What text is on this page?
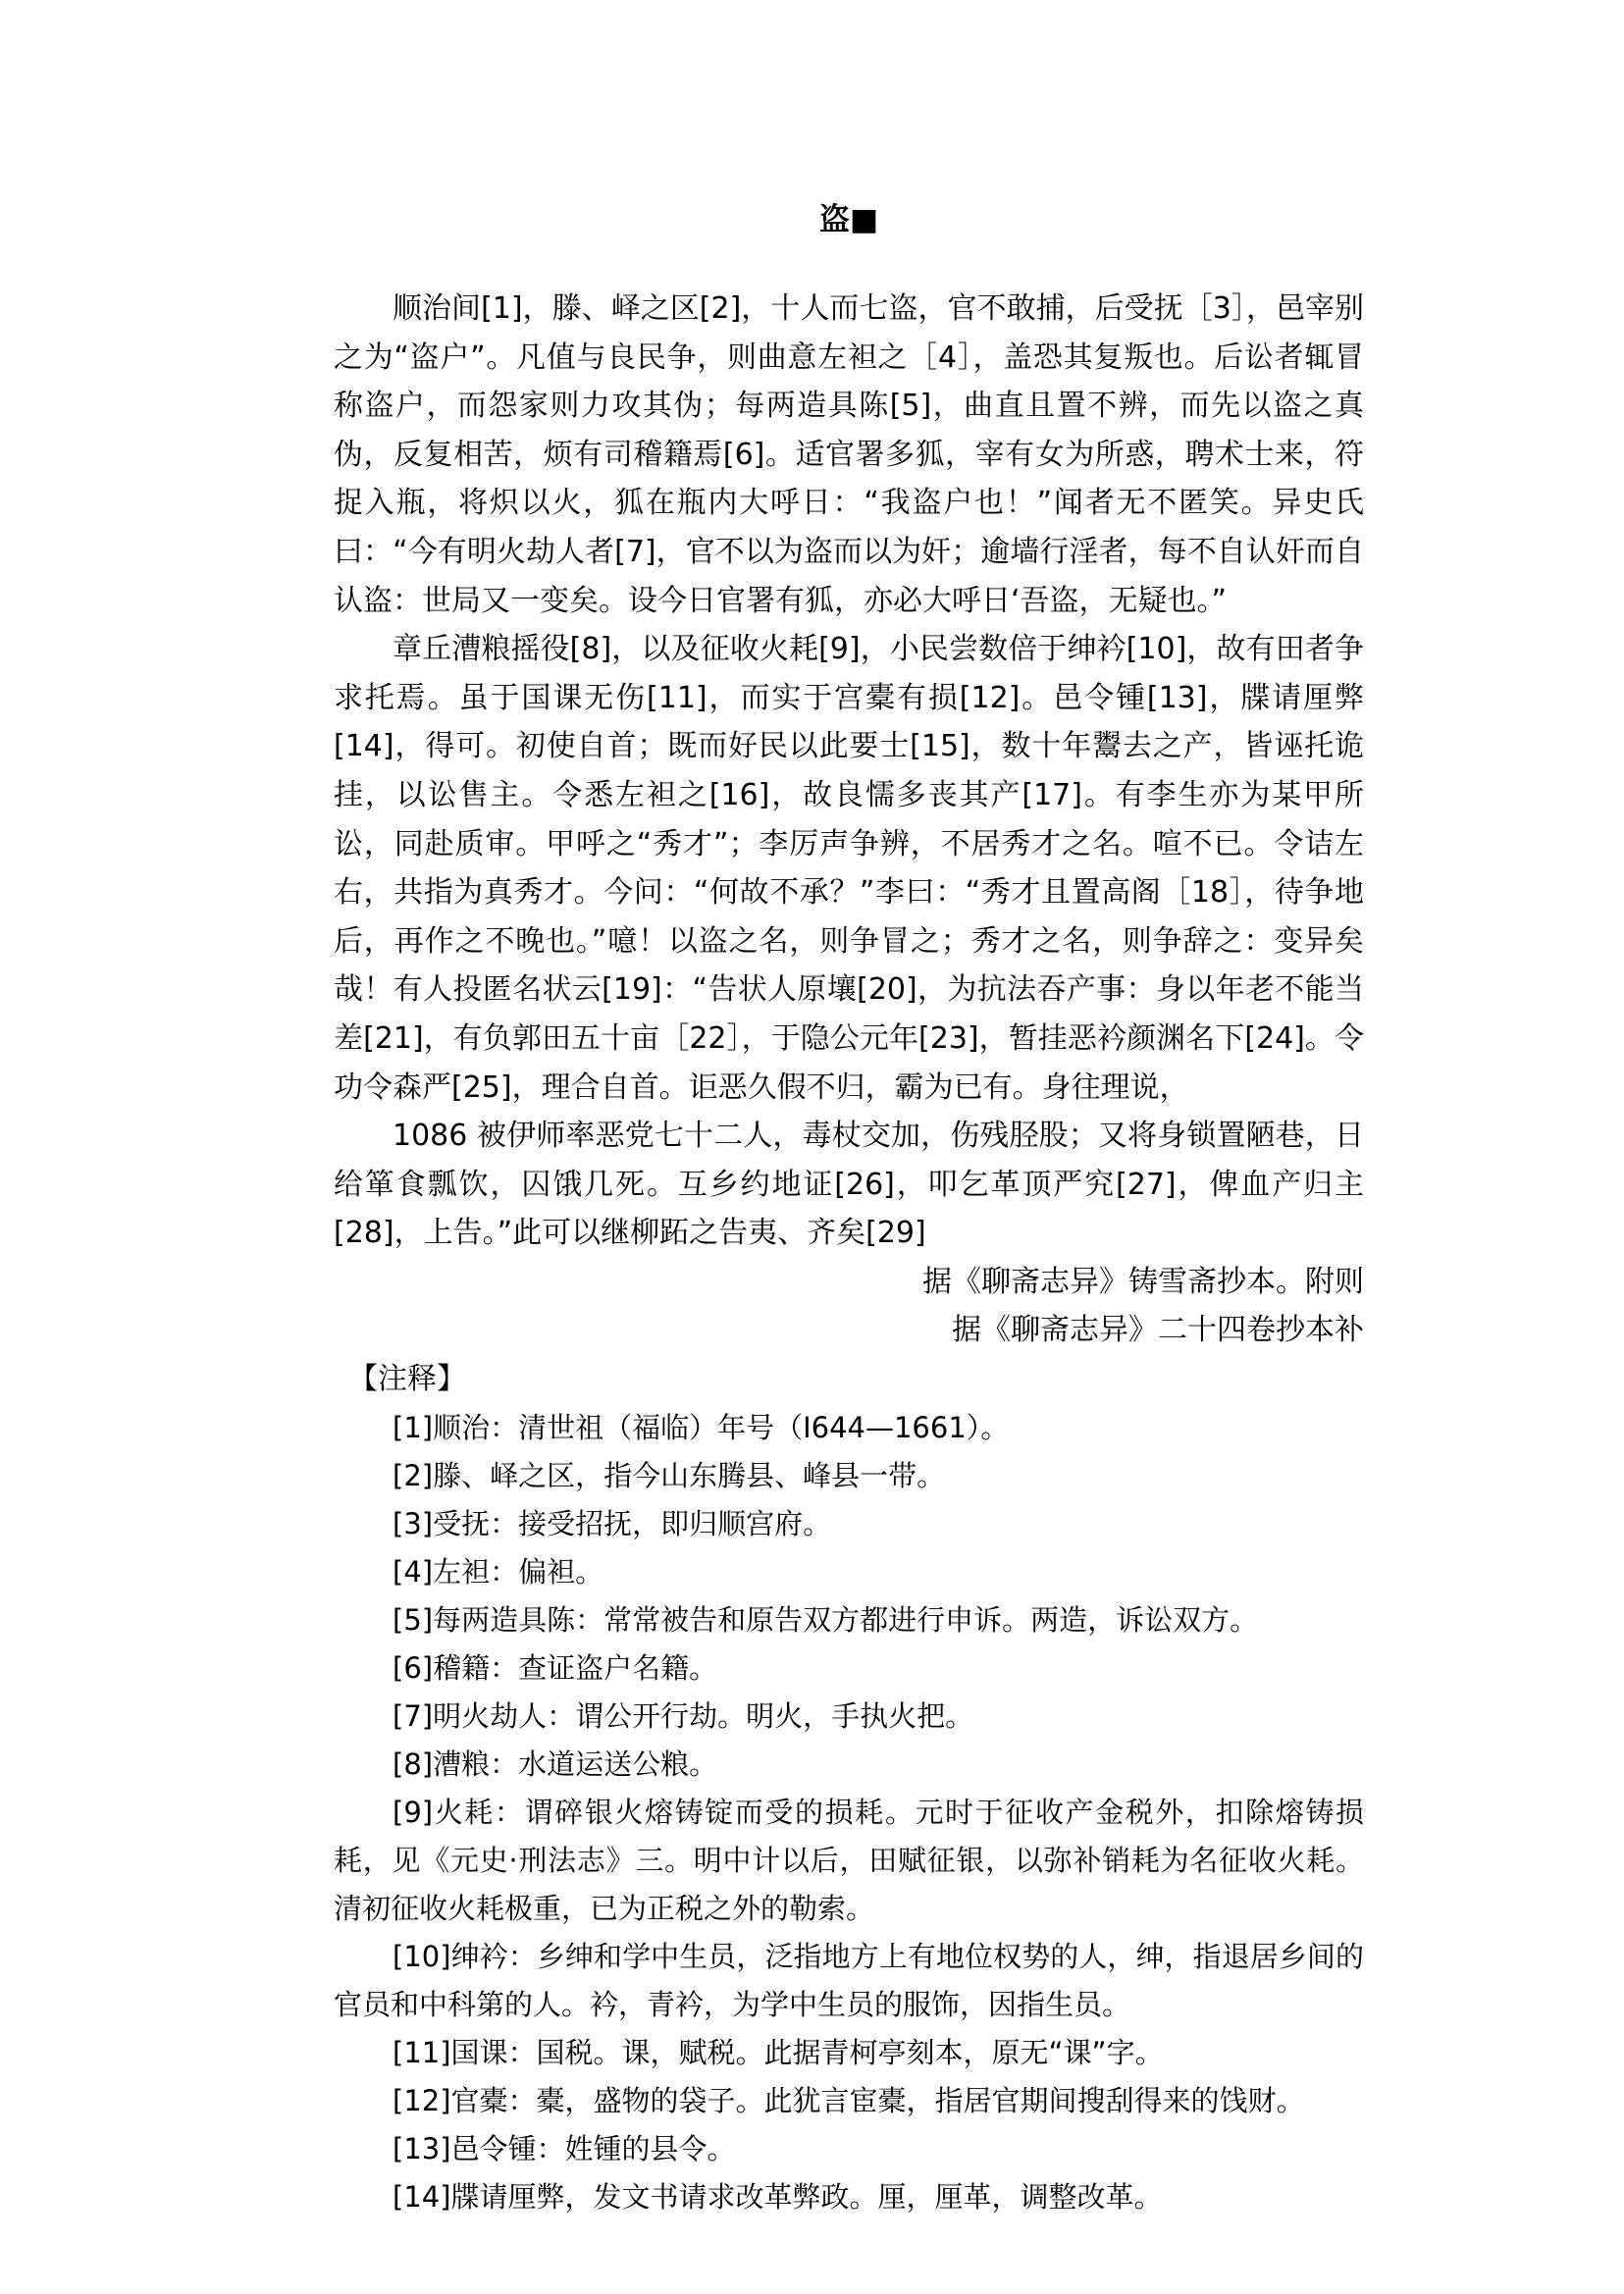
盗■

顺治间[1]，滕、峄之区[2]，十人而七盗，官不敢捕，后受抚［3］，邑宰别之为“盗户”。凡值与良民争，则曲意左袒之［4］，盖恐其复叛也。后讼者辄冒称盗户，而怨家则力攻其伪；每两造具陈[5]，曲直且置不辨，而先以盗之真伪，反复相苦，烦有司稽籍焉[6]。适官署多狐，宰有女为所惑，聘术士来，符捉入瓶，将炽以火，狐在瓶内大呼日：“我盗户也！”闻者无不匿笑。异史氏曰：“今有明火劫人者[7]，官不以为盗而以为奸；逾墙行淫者，每不自认奸而自认盗：世局又一变矣。设今日官署有狐，亦必大呼日‘吾盗，无疑也。”

章丘漕粮摇役[8]，以及征收火耗[9]，小民尝数倍于绅衿[10]，故有田者争求托焉。虽于国课无伤[11]，而实于宫橐有损[12]。邑令锺[13]，牒请厘弊[14]，得可。初使自首；既而好民以此要士[15]，数十年鬻去之产，皆诬托诡挂，以讼售主。令悉左袒之[16]，故良懦多丧其产[17]。有李生亦为某甲所讼，同赴质审。甲呼之“秀才”；李厉声争辨，不居秀才之名。喧不已。令诘左右，共指为真秀才。今问：“何故不承？”李曰：“秀才且置高阁［18］，待争地后，再作之不晚也。”噫！以盗之名，则争冒之；秀才之名，则争辞之：变异矣哉！有人投匿名状云[19]：“告状人原壤[20]，为抗法吞产事：身以年老不能当差[21]，有负郭田五十亩［22］，于隐公元年[23]，暂挂恶衿颜渊名下[24]。令功令森严[25]，理合自首。讵恶久假不归，霸为已有。身往理说，

1086 被伊师率恶党七十二人，毒杖交加，伤残胫股；又将身锁置陋巷，日给箪食瓢饮，囚饿几死。互乡约地证[26]，叩乞革顶严究[27]，俾血产归主[28]，上告。”此可以继柳跖之告夷、齐矣[29]

据《聊斋志异》铸雪斋抄本。附则

据《聊斋志异》二十四卷抄本补

【注释】

[1]顺治：清世祖（福临）年号（I644—1661）。

[2]滕、峄之区，指今山东腾县、峰县一带。

[3]受抚：接受招抚，即归顺宫府。

[4]左袒：偏袒。

[5]每两造具陈：常常被告和原告双方都进行申诉。两造，诉讼双方。

[6]稽籍：查证盗户名籍。

[7]明火劫人：谓公开行劫。明火，手执火把。

[8]漕粮：水道运送公粮。

[9]火耗：谓碎银火熔铸锭而受的损耗。元时于征收产金税外，扣除熔铸损耗，见《元史·刑法志》三。明中计以后，田赋征银，以弥补销耗为名征收火耗。清初征收火耗极重，已为正税之外的勒索。

[10]绅衿：乡绅和学中生员，泛指地方上有地位权势的人，绅，指退居乡间的官员和中科第的人。衿，青衿，为学中生员的服饰，因指生员。

[11]国课：国税。课，赋税。此据青柯亭刻本，原无“课”字。

[12]官橐：橐，盛物的袋子。此犹言宦橐，指居官期间搜刮得来的饯财。

[13]邑令锺：姓锺的县令。

[14]牒请厘弊，发文书请求改革弊政。厘，厘革，调整改革。
